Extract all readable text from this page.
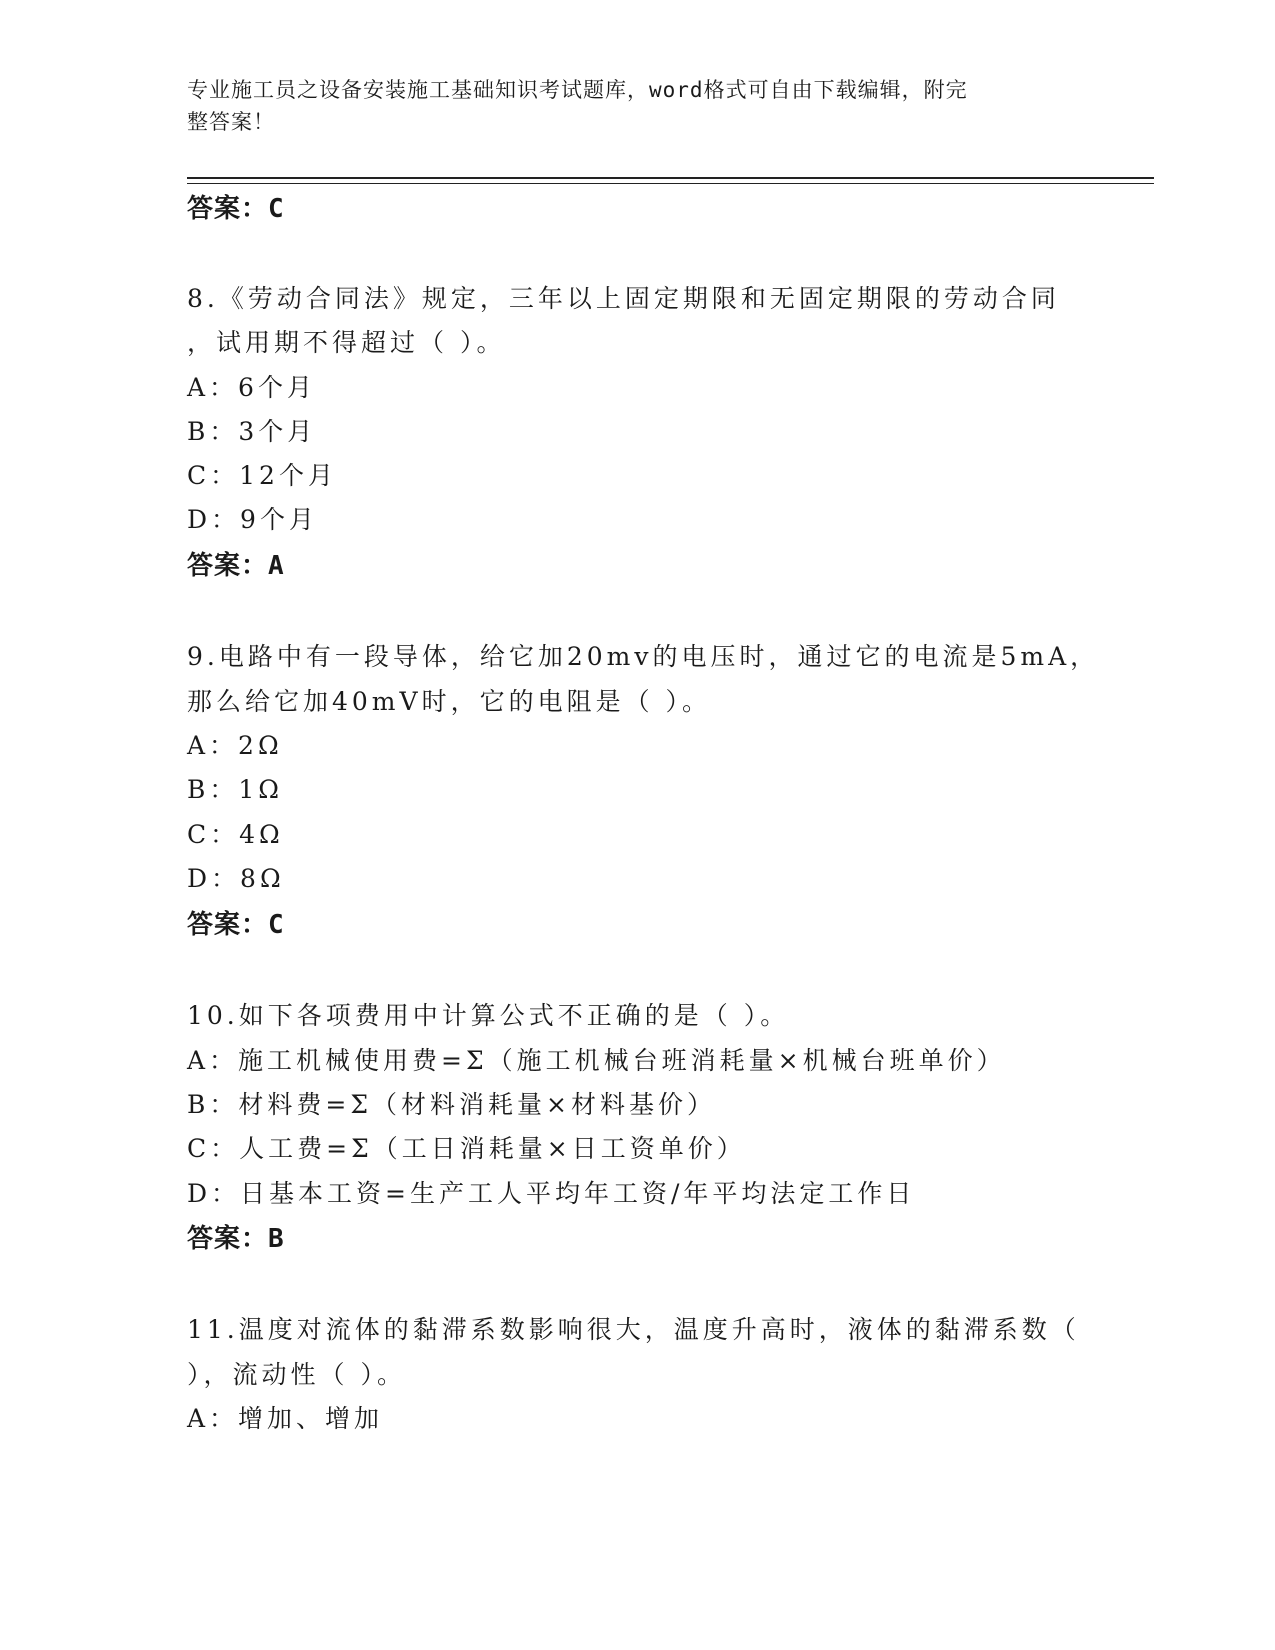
专业施工员之设备安装施工基础知识考试题库，word格式可自由下载编辑，附完
整答案！
答案：C
8.《劳动合同法》规定，三年以上固定期限和无固定期限的劳动合同
，试用期不得超过（ ）。
A：6个月
B：3个月
C：12个月
D：9个月
答案：A
9.电路中有一段导体，给它加20mv的电压时，通过它的电流是5mA，
那么给它加40mV时，它的电阻是（ ）。
A：2Ω
B：1Ω
C：4Ω
D：8Ω
答案：C
10.如下各项费用中计算公式不正确的是（ ）。
A：施工机械使用费=Σ（施工机械台班消耗量×机械台班单价）
B：材料费=Σ（材料消耗量×材料基价）
C：人工费=Σ（工日消耗量×日工资单价）
D：日基本工资=生产工人平均年工资/年平均法定工作日
答案：B
11.温度对流体的黏滞系数影响很大，温度升高时，液体的黏滞系数（
），流动性（ ）。
A：增加、增加
